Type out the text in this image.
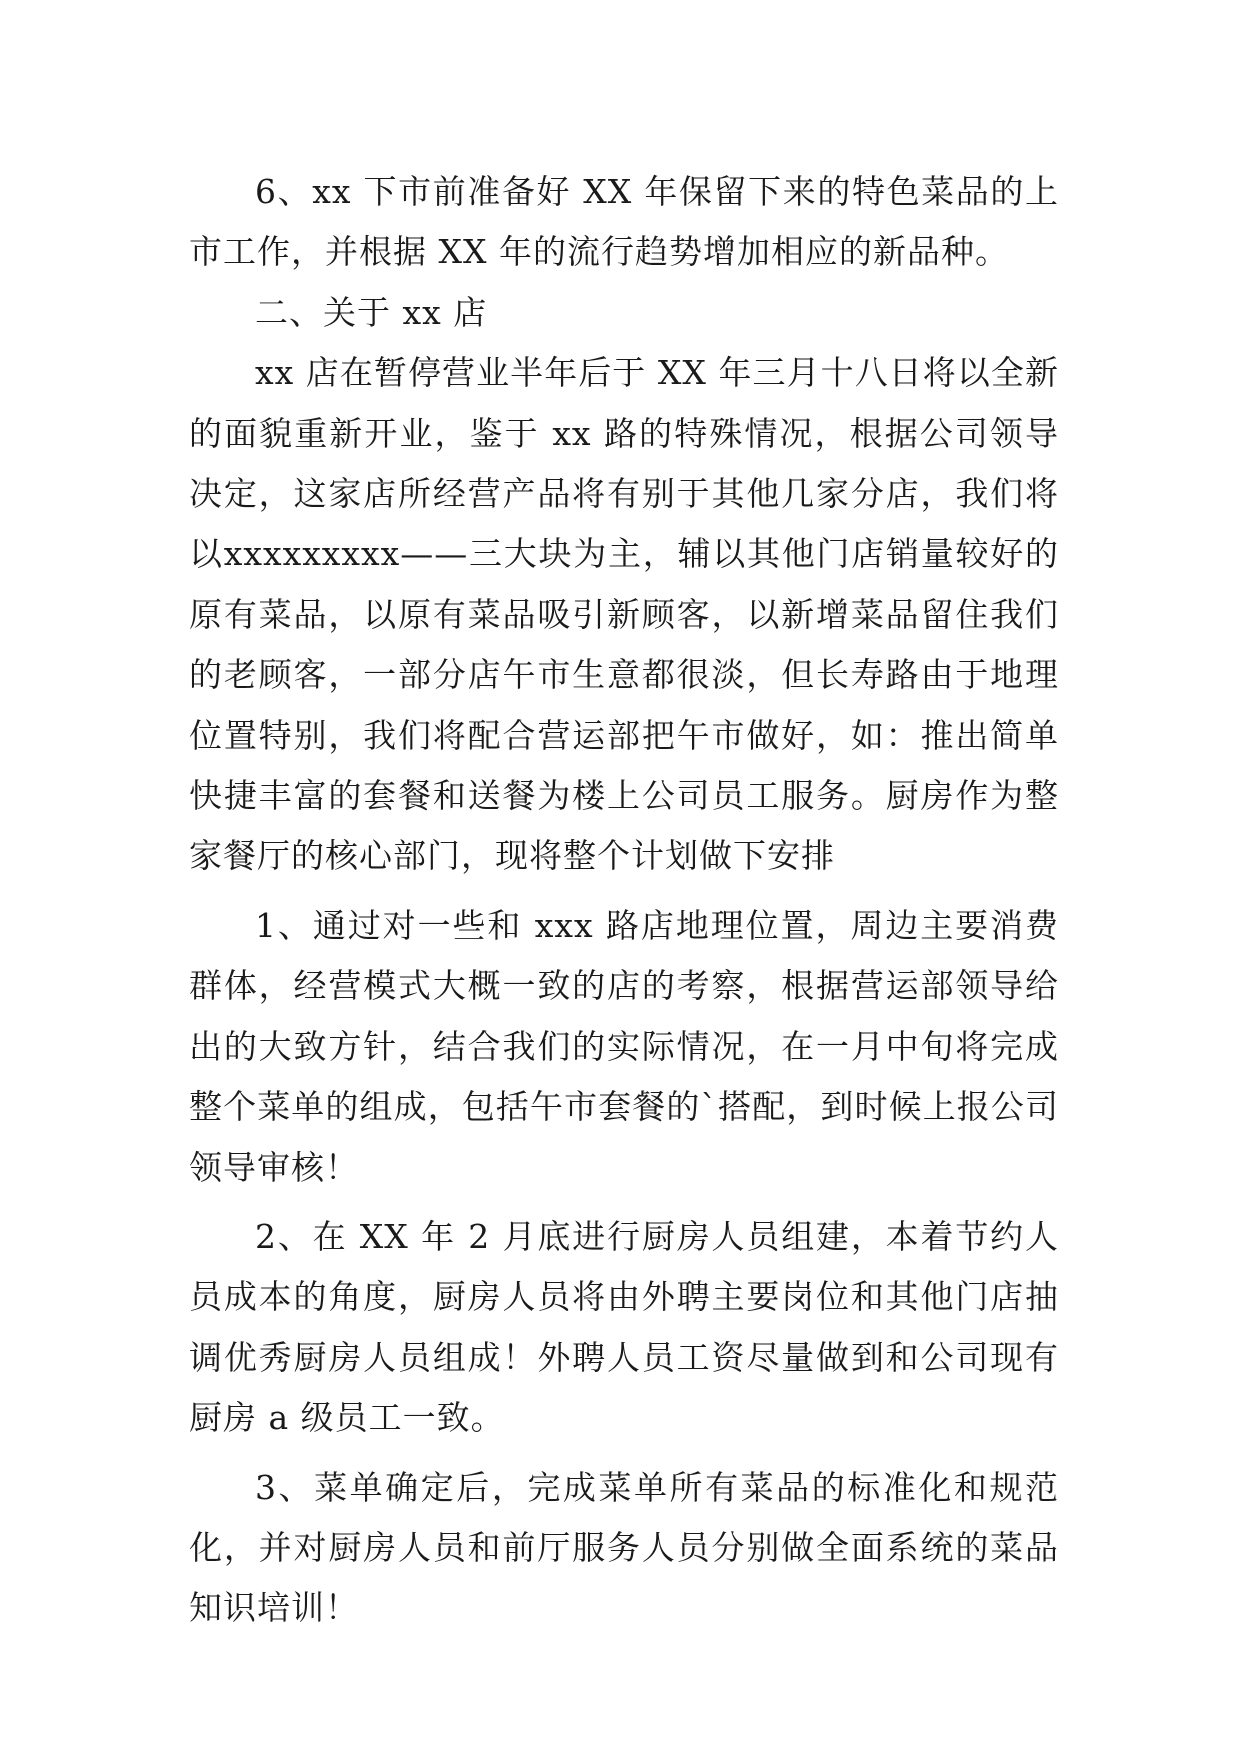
6、xx 下市前准备好 XX 年保留下来的特色菜品的上市工作，并根据 XX 年的流行趋势增加相应的新品种。

二、关于 xx 店

xx 店在暂停营业半年后于 XX 年三月十八日将以全新的面貌重新开业，鉴于 xx 路的特殊情况，根据公司领导决定，这家店所经营产品将有别于其他几家分店，我们将以xxxxxxxxx——三大块为主，辅以其他门店销量较好的原有菜品，以原有菜品吸引新顾客，以新增菜品留住我们的老顾客，一部分店午市生意都很淡，但长寿路由于地理位置特别，我们将配合营运部把午市做好，如：推出简单快捷丰富的套餐和送餐为楼上公司员工服务。厨房作为整家餐厅的核心部门，现将整个计划做下安排

1、通过对一些和 xxx 路店地理位置，周边主要消费群体，经营模式大概一致的店的考察，根据营运部领导给出的大致方针，结合我们的实际情况，在一月中旬将完成整个菜单的组成，包括午市套餐的`搭配，到时候上报公司领导审核！

2、在 XX 年 2 月底进行厨房人员组建，本着节约人员成本的角度，厨房人员将由外聘主要岗位和其他门店抽调优秀厨房人员组成！外聘人员工资尽量做到和公司现有厨房 a 级员工一致。

3、菜单确定后，完成菜单所有菜品的标准化和规范化，并对厨房人员和前厅服务人员分别做全面系统的菜品知识培训！
